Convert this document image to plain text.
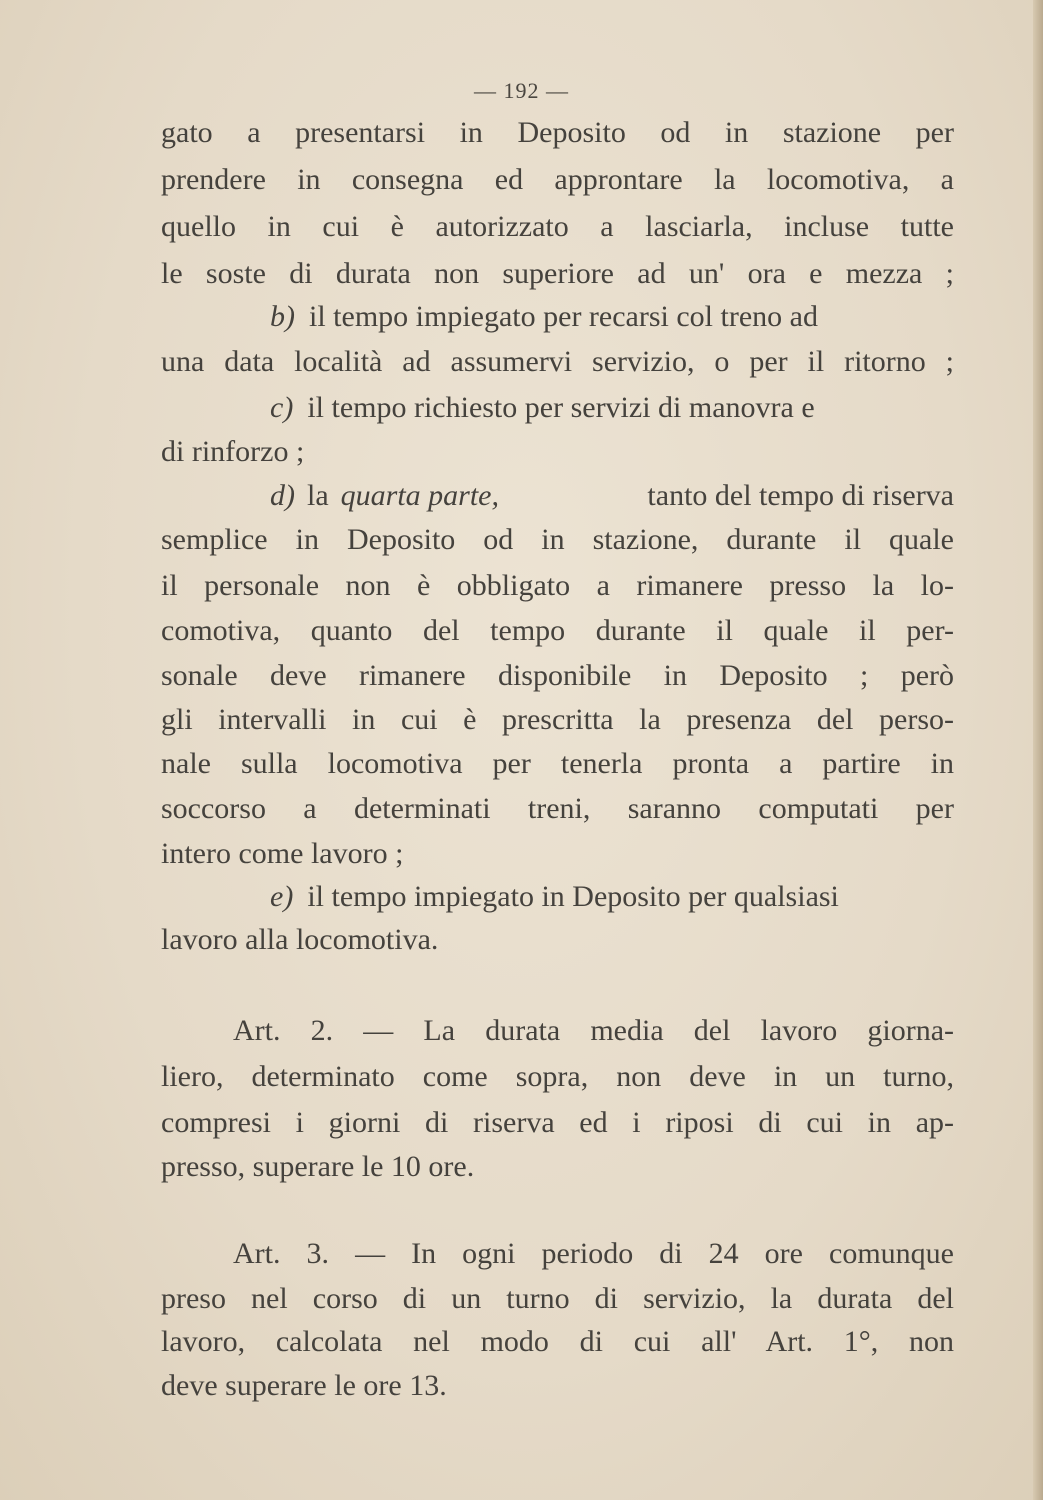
— 192 —
gato a presentarsi in Deposito od in stazione per
prendere in consegna ed approntare la locomotiva, a
quello in cui è autorizzato a lasciarla, incluse tutte
le soste di durata non superiore ad un' ora e mezza ;
b) il tempo impiegato per recarsi col treno ad
una data località ad assumervi servizio, o per il ritorno ;
c) il tempo richiesto per servizi di manovra e
di rinforzo ;
d) la quarta parte,	tanto del tempo di riserva
semplice in Deposito od in stazione, durante il quale
il personale non è obbligato a rimanere presso la lo-
comotiva, quanto del tempo durante il quale il per-
sonale deve rimanere disponibile in Deposito ; però
gli intervalli in cui è prescritta la presenza del perso-
nale sulla locomotiva per tenerla pronta a partire in
soccorso a determinati treni, saranno computati per
intero come lavoro ;
e) il tempo impiegato in Deposito per qualsiasi
lavoro alla locomotiva.
Art. 2. — La durata media del lavoro giorna-
liero, determinato come sopra, non deve in un turno,
compresi i giorni di riserva ed i riposi di cui in ap-
presso, superare le 10 ore.
Art. 3. — In ogni periodo di 24 ore comunque
preso nel corso di un turno di servizio, la durata del
lavoro, calcolata nel modo di cui all' Art. 1°, non
deve superare le ore 13.
